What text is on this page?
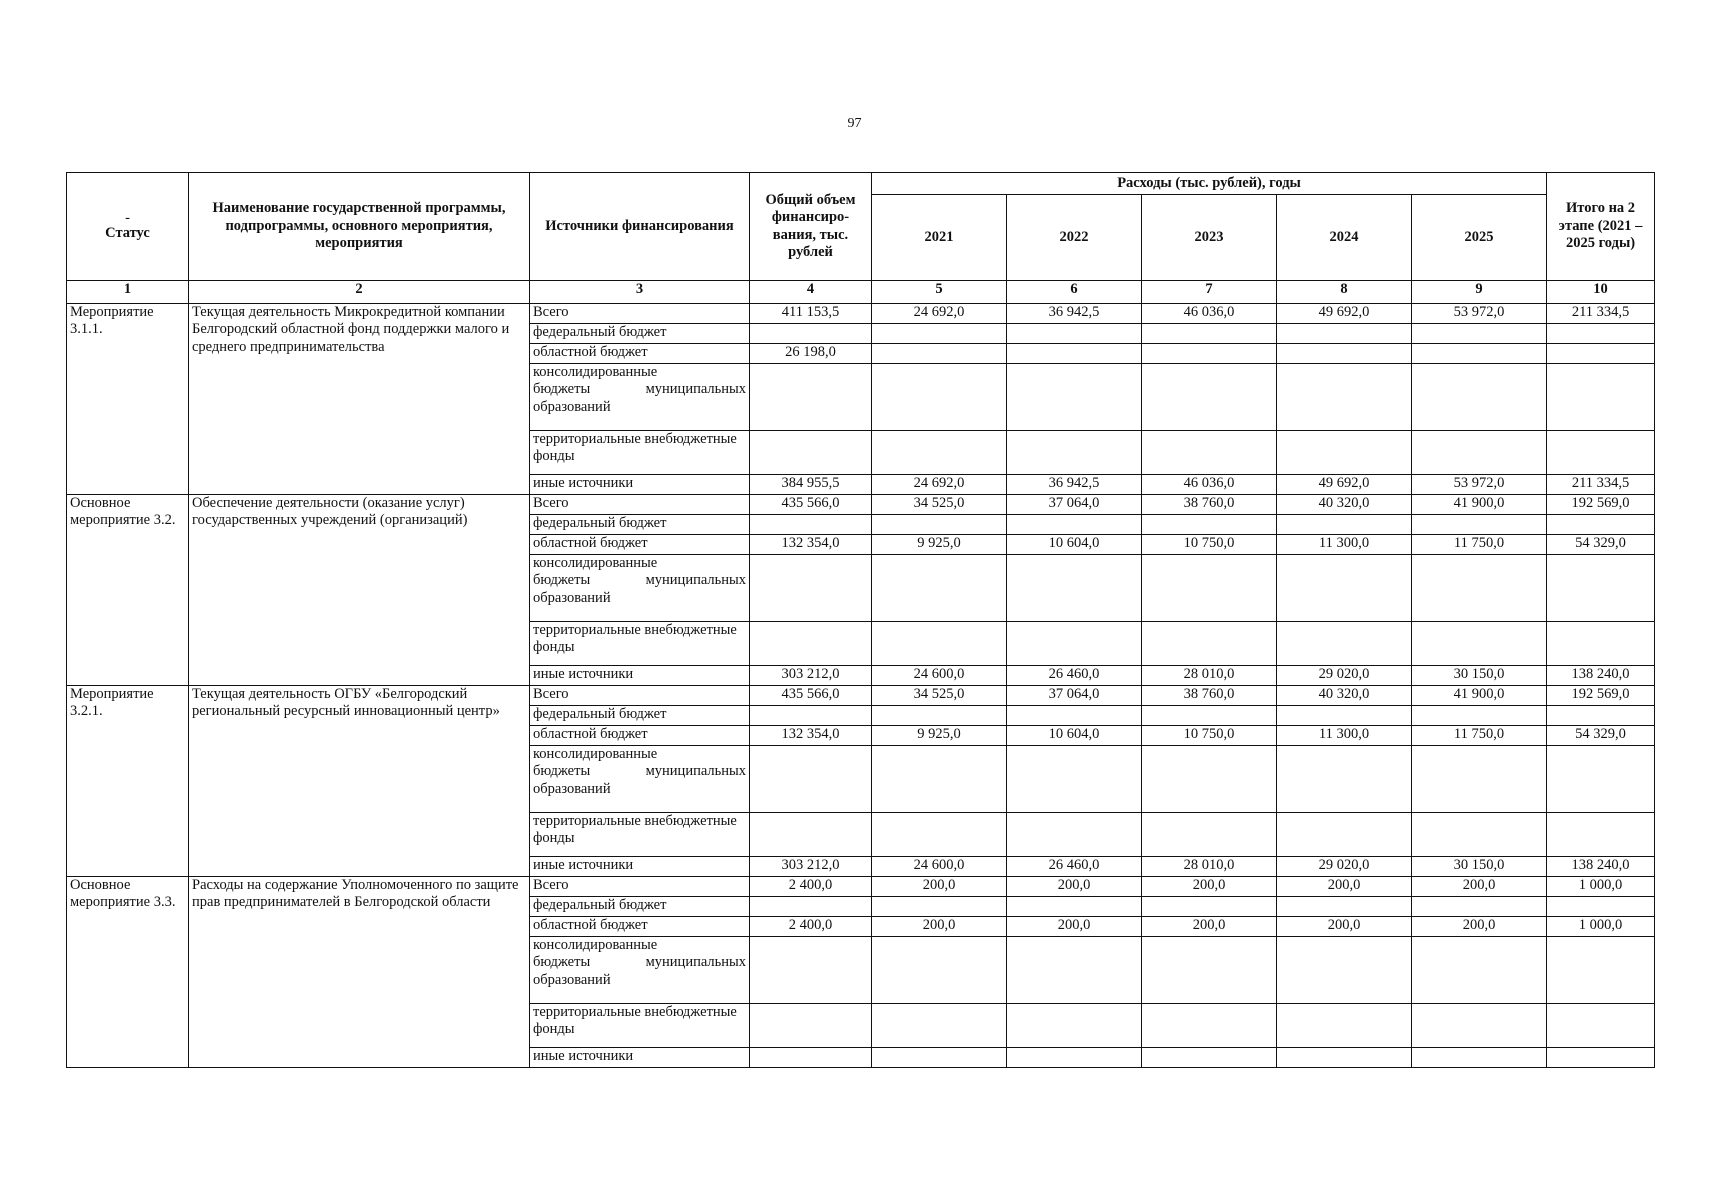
97
-
Статус	Наименование государственной программы, подпрограммы, основного мероприятия, мероприятия	Источники финансирования	Общий объем финансиро-вания, тыс. рублей	Расходы (тыс. рублей), годы					Итого на 2 этапе (2021 – 2025 годы)
				2021	2022	2023	2024	2025	
1	2	3	4	5	6	7	8	9	10
Мероприятие 3.1.1.	Текущая деятельность Микрокредитной компании Белгородский областной фонд поддержки малого и среднего предпринимательства	Всего	411 153,5	24 692,0	36 942,5	46 036,0	49 692,0	53 972,0	211 334,5
		федеральный бюджет							
		областной бюджет	26 198,0						

		консолидированные
бюджеты муниципальных
образований							

		территориальные внебюджетные фонды							
		иные источники	384 955,5	24 692,0	36 942,5	46 036,0	49 692,0	53 972,0	211 334,5
Основное мероприятие 3.2.	Обеспечение деятельности (оказание услуг) государственных учреждений (организаций)	Всего	435 566,0	34 525,0	37 064,0	38 760,0	40 320,0	41 900,0	192 569,0
		федеральный бюджет							
		областной бюджет	132 354,0	9 925,0	10 604,0	10 750,0	11 300,0	11 750,0	54 329,0

		консолидированные
бюджеты муниципальных
образований							

		территориальные внебюджетные фонды							
		иные источники	303 212,0	24 600,0	26 460,0	28 010,0	29 020,0	30 150,0	138 240,0
Мероприятие 3.2.1.	Текущая деятельность ОГБУ «Белгородский региональный ресурсный инновационный центр»	Всего	435 566,0	34 525,0	37 064,0	38 760,0	40 320,0	41 900,0	192 569,0
		федеральный бюджет							
		областной бюджет	132 354,0	9 925,0	10 604,0	10 750,0	11 300,0	11 750,0	54 329,0

		консолидированные
бюджеты муниципальных
образований							

		территориальные внебюджетные фонды							
		иные источники	303 212,0	24 600,0	26 460,0	28 010,0	29 020,0	30 150,0	138 240,0
Основное мероприятие 3.3.	Расходы на содержание Уполномоченного по защите прав предпринимателей в Белгородской области	Всего	2 400,0	200,0	200,0	200,0	200,0	200,0	1 000,0
		федеральный бюджет							
		областной бюджет	2 400,0	200,0	200,0	200,0	200,0	200,0	1 000,0

		консолидированные
бюджеты муниципальных
образований							

		территориальные внебюджетные фонды							
		иные источники							
